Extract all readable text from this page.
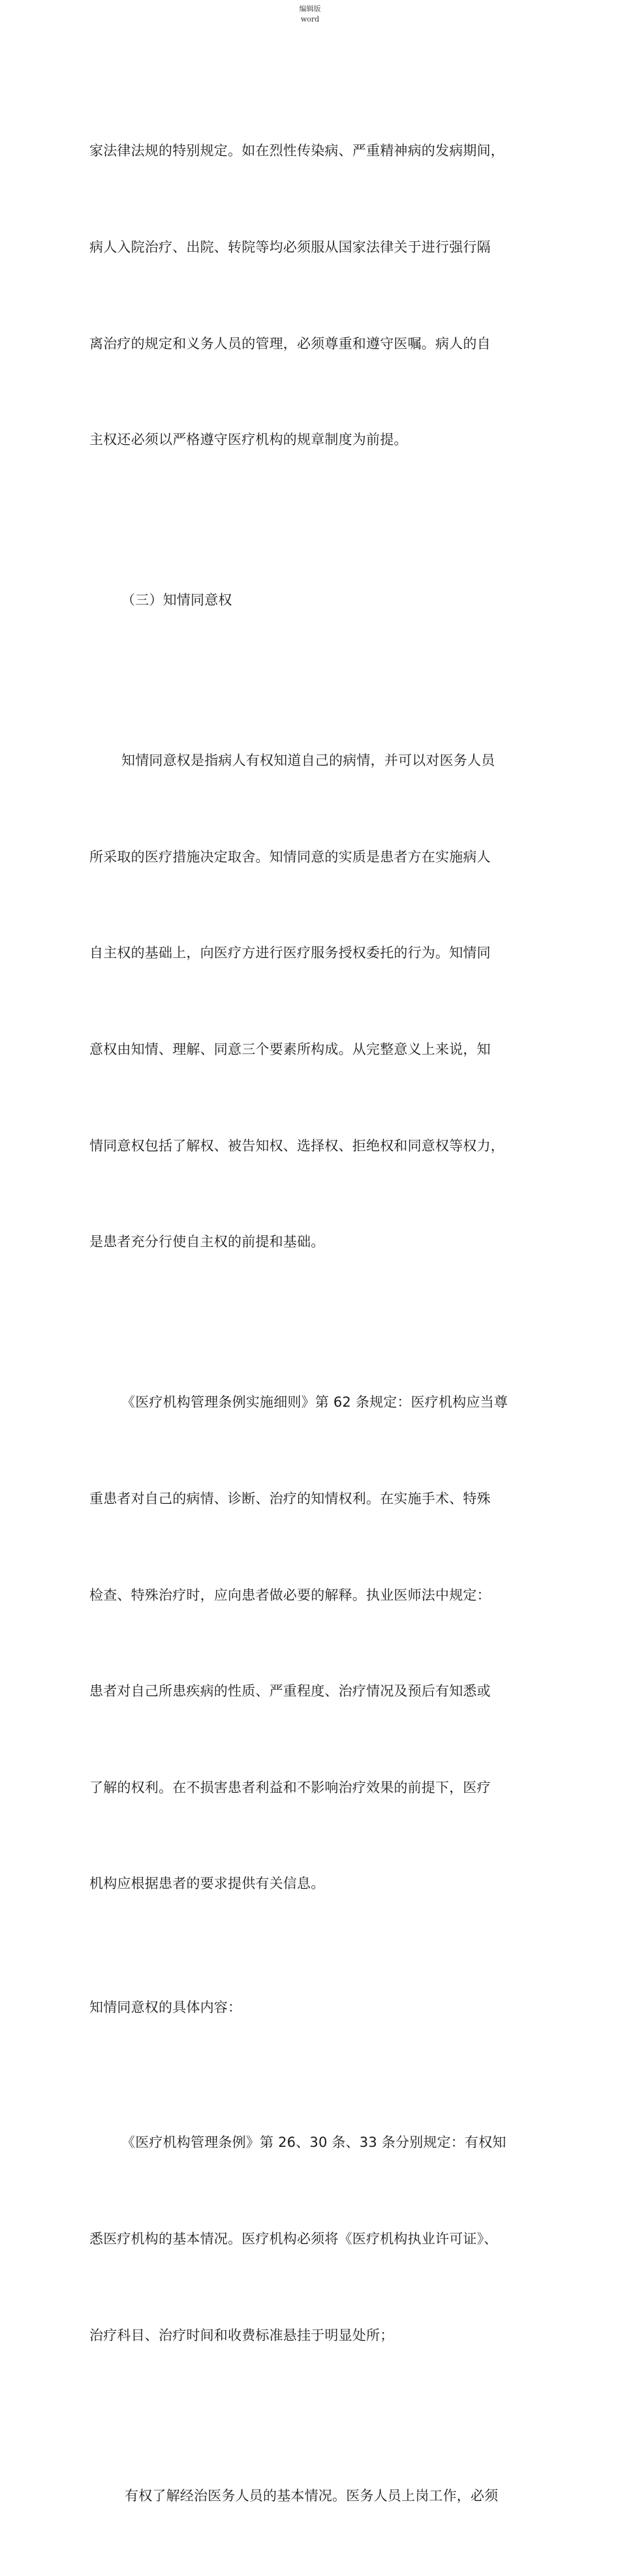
编辑版
word

家法律法规的特别规定。如在烈性传染病、严重精神病的发病期间，

病人入院治疗、出院、转院等均必须服从国家法律关于进行强行隔

离治疗的规定和义务人员的管理，必须尊重和遵守医嘱。病人的自

主权还必须以严格遵守医疗机构的规章制度为前提。

（三）知情同意权

知情同意权是指病人有权知道自己的病情，并可以对医务人员

所采取的医疗措施决定取舍。知情同意的实质是患者方在实施病人

自主权的基础上，向医疗方进行医疗服务授权委托的行为。知情同

意权由知情、理解、同意三个要素所构成。从完整意义上来说，知

情同意权包括了解权、被告知权、选择权、拒绝权和同意权等权力，

是患者充分行使自主权的前提和基础。

《医疗机构管理条例实施细则》第 62 条规定：医疗机构应当尊

重患者对自己的病情、诊断、治疗的知情权利。在实施手术、特殊

检查、特殊治疗时，应向患者做必要的解释。执业医师法中规定：

患者对自己所患疾病的性质、严重程度、治疗情况及预后有知悉或

了解的权利。在不损害患者利益和不影响治疗效果的前提下，医疗

机构应根据患者的要求提供有关信息。

知情同意权的具体内容：

《医疗机构管理条例》第 26、30 条、33 条分别规定：有权知

悉医疗机构的基本情况。医疗机构必须将《医疗机构执业许可证》、

治疗科目、治疗时间和收费标准悬挂于明显处所；

有权了解经治医务人员的基本情况。医务人员上岗工作，必须
